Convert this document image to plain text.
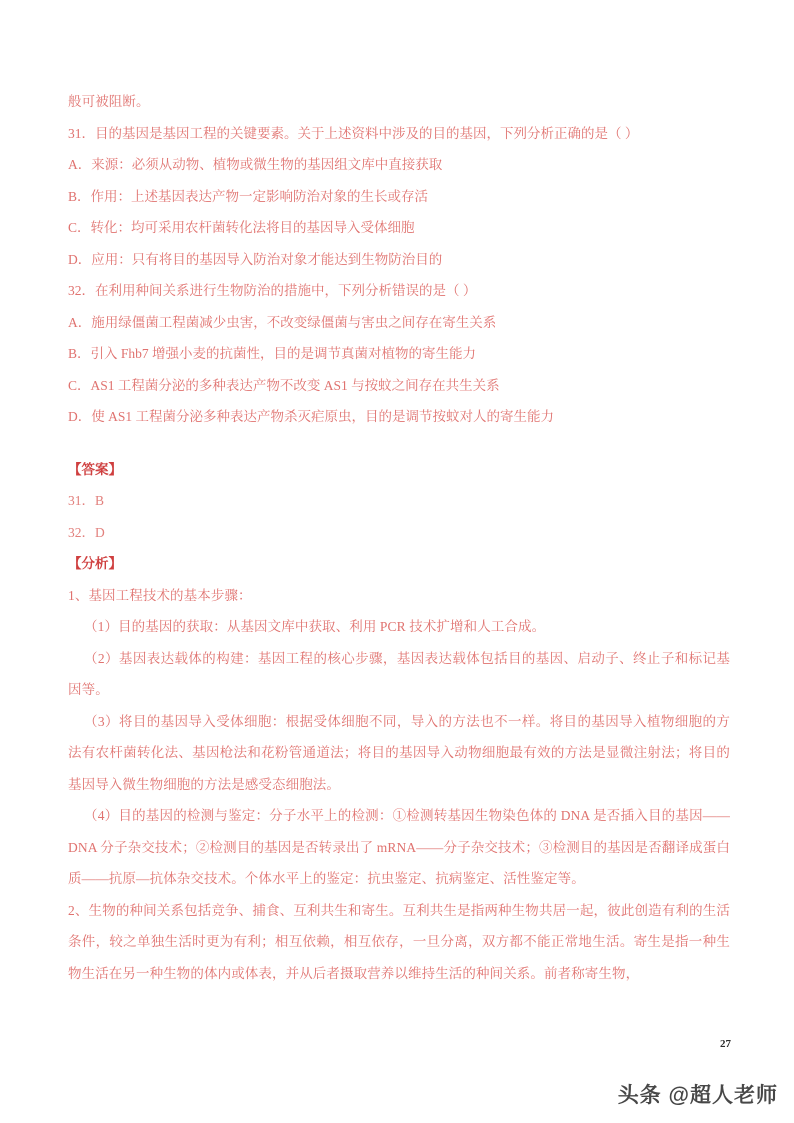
般可被阻断。
31．目的基因是基因工程的关键要素。关于上述资料中涉及的目的基因，下列分析正确的是（ ）
A．来源：必须从动物、植物或微生物的基因组文库中直接获取
B．作用：上述基因表达产物一定影响防治对象的生长或存活
C．转化：均可采用农杆菌转化法将目的基因导入受体细胞
D．应用：只有将目的基因导入防治对象才能达到生物防治目的
32．在利用种间关系进行生物防治的措施中，下列分析错误的是（ ）
A．施用绿僵菌工程菌减少虫害，不改变绿僵菌与害虫之间存在寄生关系
B．引入 Fhb7 增强小麦的抗菌性，目的是调节真菌对植物的寄生能力
C．AS1 工程菌分泌的多种表达产物不改变 AS1 与按蚊之间存在共生关系
D．使 AS1 工程菌分泌多种表达产物杀灭疟原虫，目的是调节按蚊对人的寄生能力
【答案】
31．B
32．D
【分析】
1、基因工程技术的基本步骤：
（1）目的基因的获取：从基因文库中获取、利用 PCR 技术扩增和人工合成。
（2）基因表达载体的构建：基因工程的核心步骤，基因表达载体包括目的基因、启动子、终止子和标记基因等。
（3）将目的基因导入受体细胞：根据受体细胞不同，导入的方法也不一样。将目的基因导入植物细胞的方法有农杆菌转化法、基因枪法和花粉管通道法；将目的基因导入动物细胞最有效的方法是显微注射法；将目的基因导入微生物细胞的方法是感受态细胞法。
（4）目的基因的检测与鉴定：分子水平上的检测：①检测转基因生物染色体的 DNA 是否插入目的基因——DNA 分子杂交技术；②检测目的基因是否转录出了 mRNA——分子杂交技术；③检测目的基因是否翻译成蛋白质——抗原—抗体杂交技术。个体水平上的鉴定：抗虫鉴定、抗病鉴定、活性鉴定等。
2、生物的种间关系包括竞争、捕食、互利共生和寄生。互利共生是指两种生物共居一起，彼此创造有利的生活条件，较之单独生活时更为有利；相互依赖，相互依存，一旦分离，双方都不能正常地生活。寄生是指一种生物生活在另一种生物的体内或体表，并从后者摄取营养以维持生活的种间关系。前者称寄生物，
27
头条 @超人老师
